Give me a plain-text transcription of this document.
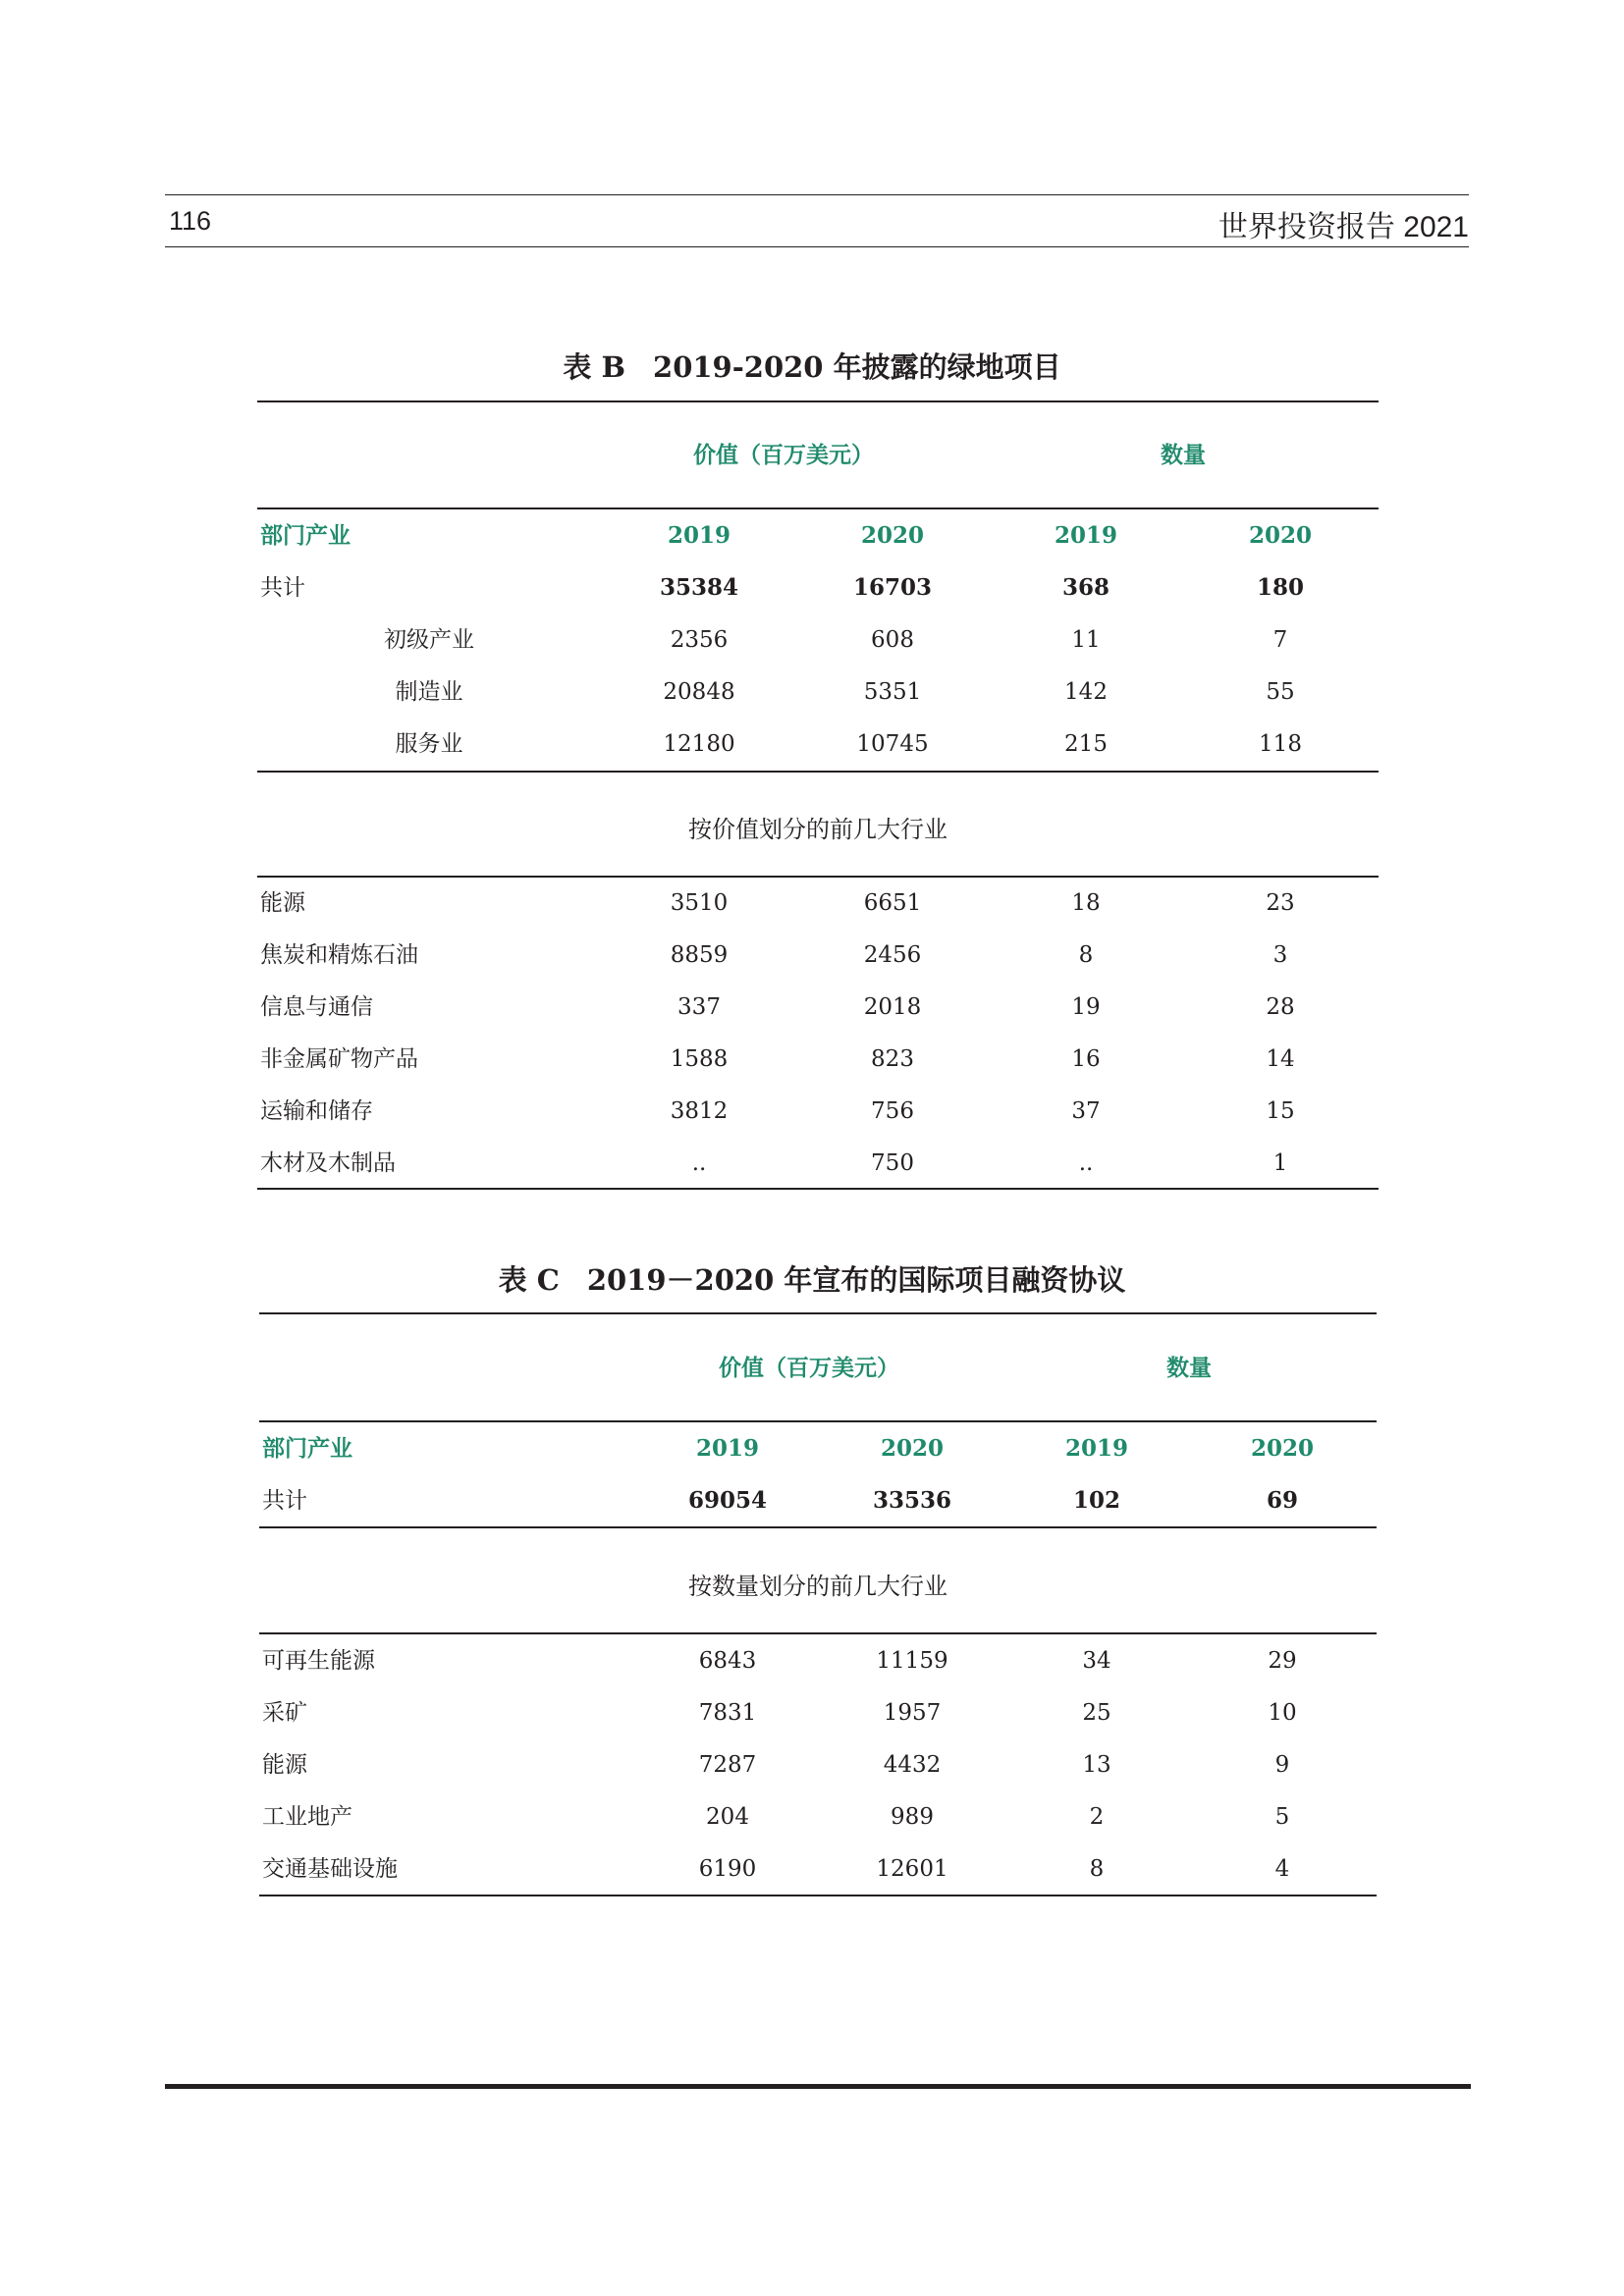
116	世界投资报告 2021
表 B 2019-2020 年披露的绿地项目
价值（百万美元）	数量
部门产业	2019	2020	2019	2020
共计	35384	16703	368	180
初级产业	2356	608	11	7
制造业	20848	5351	142	55
服务业	12180	10745	215	118
按价值划分的前几大行业
能源	3510	6651	18	23
焦炭和精炼石油	8859	2456	8	3
信息与通信	337	2018	19	28
非金属矿物产品	1588	823	16	14
运输和储存	3812	756	37	15
木材及木制品	..	750	..	1
表 C 2019－2020 年宣布的国际项目融资协议
价值（百万美元）	数量
部门产业	2019	2020	2019	2020
共计	69054	33536	102	69
按数量划分的前几大行业
可再生能源	6843	11159	34	29
采矿	7831	1957	25	10
能源	7287	4432	13	9
工业地产	204	989	2	5
交通基础设施	6190	12601	8	4
